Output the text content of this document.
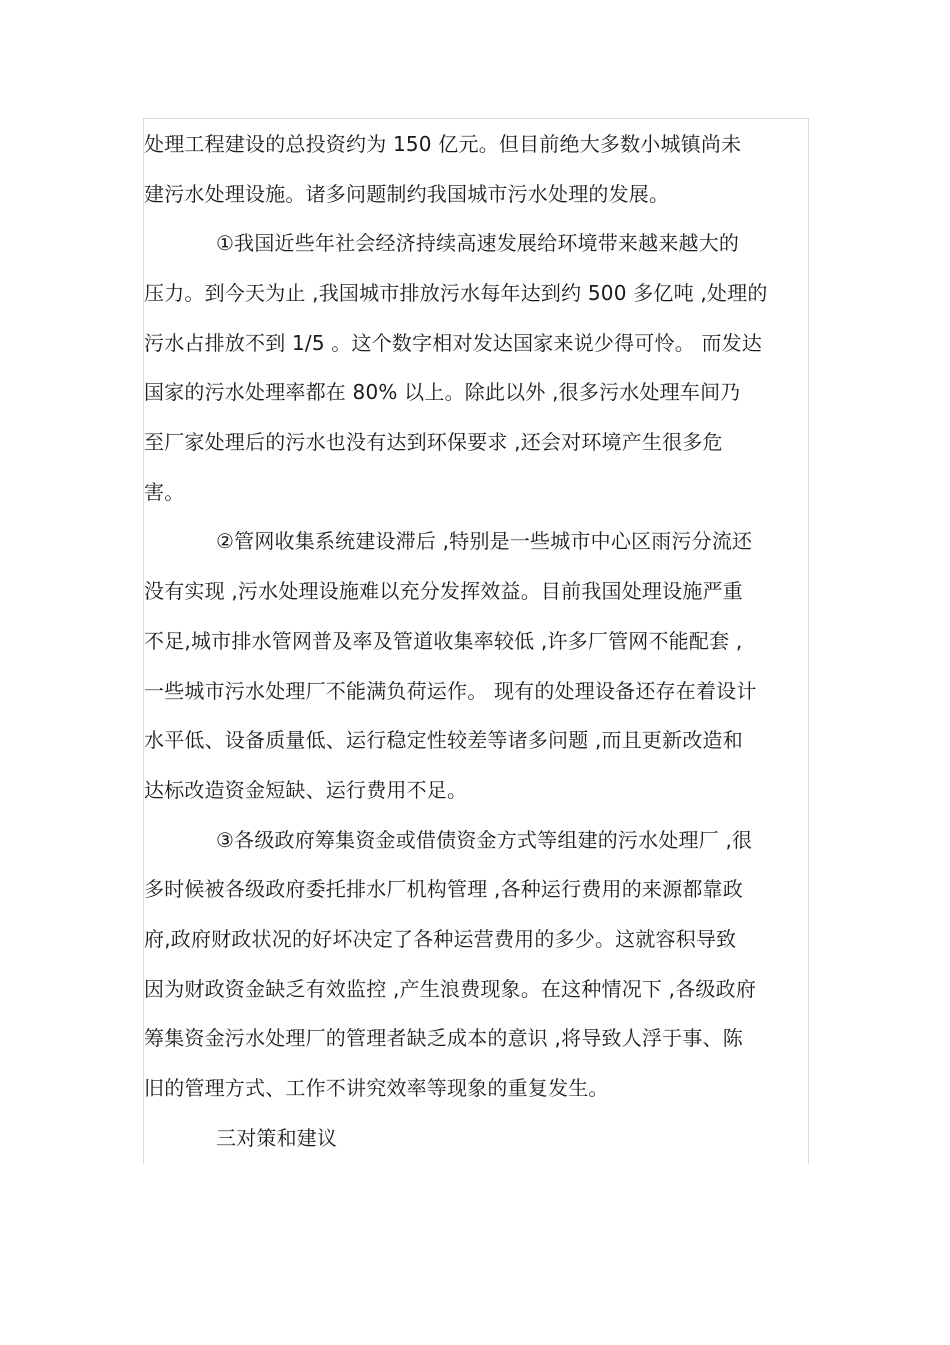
处理工程建设的总投资约为 150 亿元。但目前绝大多数小城镇尚未
建污水处理设施。诸多问题制约我国城市污水处理的发展。
①我国近些年社会经济持续高速发展给环境带来越来越大的
压力。到今天为止 ,我国城市排放污水每年达到约 500 多亿吨 ,处理的
污水占排放不到 1/5 。这个数字相对发达国家来说少得可怜。 而发达
国家的污水处理率都在 80% 以上。除此以外 ,很多污水处理车间乃
至厂家处理后的污水也没有达到环保要求 ,还会对环境产生很多危
害。
②管网收集系统建设滞后 ,特别是一些城市中心区雨污分流还
没有实现 ,污水处理设施难以充分发挥效益。目前我国处理设施严重
不足,城市排水管网普及率及管道收集率较低 ,许多厂管网不能配套 ,
一些城市污水处理厂不能满负荷运作。 现有的处理设备还存在着设计
水平低、设备质量低、运行稳定性较差等诸多问题 ,而且更新改造和
达标改造资金短缺、运行费用不足。
③各级政府筹集资金或借债资金方式等组建的污水处理厂 ,很
多时候被各级政府委托排水厂机构管理 ,各种运行费用的来源都靠政
府,政府财政状况的好坏决定了各种运营费用的多少。这就容积导致
因为财政资金缺乏有效监控 ,产生浪费现象。在这种情况下 ,各级政府
筹集资金污水处理厂的管理者缺乏成本的意识 ,将导致人浮于事、陈
旧的管理方式、工作不讲究效率等现象的重复发生。
三对策和建议
